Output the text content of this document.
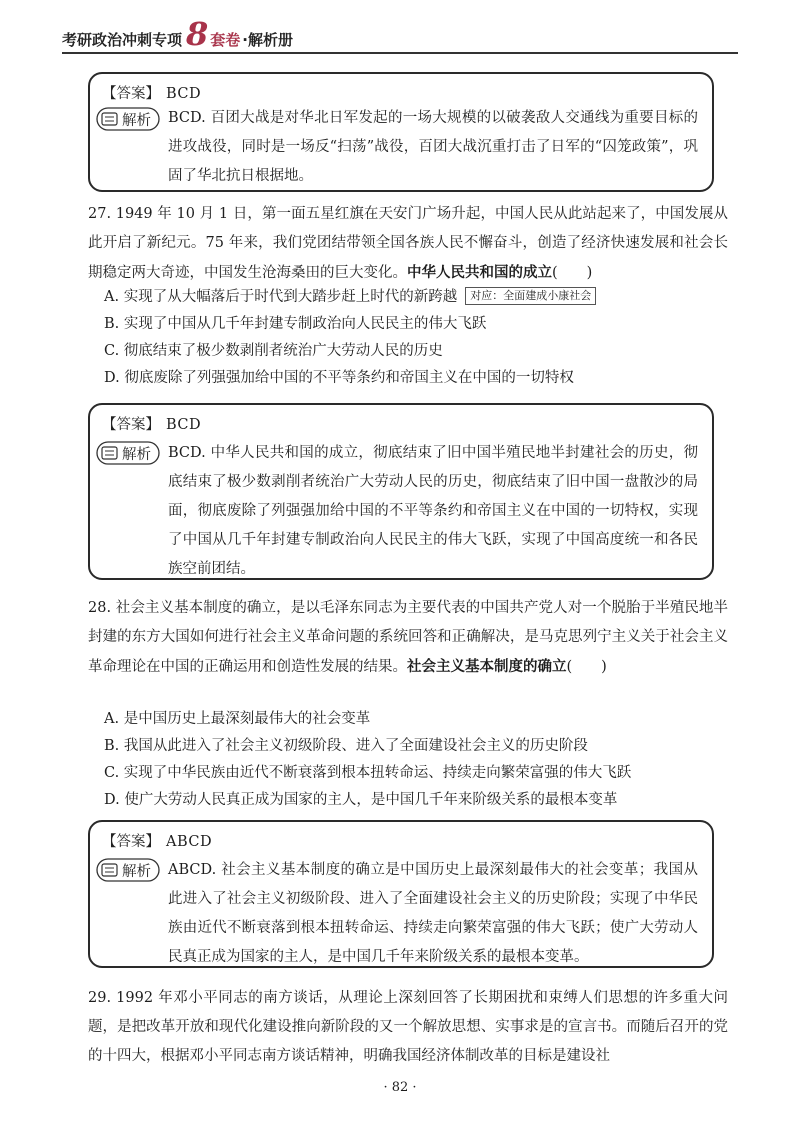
考研政治冲刺专项 8 套卷 ·解析册
【答案】 BCD
解析 BCD. 百团大战是对华北日军发起的一场大规模的以破袭敌人交通线为重要目标的进攻战役，同时是一场反“扫荡”战役，百团大战沉重打击了日军的“囚笼政策”，巩固了华北抗日根据地。
27. 1949 年 10 月 1 日，第一面五星红旗在天安门广场升起，中国人民从此站起来了，中国发展从此开启了新纪元。75 年来，我们党团结带领全国各族人民不懈奋斗，创造了经济快速发展和社会长期稳定两大奇迹，中国发生沧海桑田的巨大变化。中华人民共和国的成立(　　)
A. 实现了从大幅落后于时代到大踏步赶上时代的新跨越 对应：全面建成小康社会
B. 实现了中国从几千年封建专制政治向人民民主的伟大飞跃
C. 彻底结束了极少数剥削者统治广大劳动人民的历史
D. 彻底废除了列强强加给中国的不平等条约和帝国主义在中国的一切特权
【答案】 BCD
解析 BCD. 中华人民共和国的成立，彻底结束了旧中国半殖民地半封建社会的历史，彻底结束了极少数剥削者统治广大劳动人民的历史，彻底结束了旧中国一盘散沙的局面，彻底废除了列强强加给中国的不平等条约和帝国主义在中国的一切特权，实现了中国从几千年封建专制政治向人民民主的伟大飞跃，实现了中国高度统一和各民族空前团结。
28. 社会主义基本制度的确立，是以毛泽东同志为主要代表的中国共产党人对一个脱胎于半殖民地半封建的东方大国如何进行社会主义革命问题的系统回答和正确解决，是马克思列宁主义关于社会主义革命理论在中国的正确运用和创造性发展的结果。社会主义基本制度的确立(　　)
A. 是中国历史上最深刻最伟大的社会变革
B. 我国从此进入了社会主义初级阶段、进入了全面建设社会主义的历史阶段
C. 实现了中华民族由近代不断衰落到根本扭转命运、持续走向繁荣富强的伟大飞跃
D. 使广大劳动人民真正成为国家的主人，是中国几千年来阶级关系的最根本变革
【答案】 ABCD
解析 ABCD. 社会主义基本制度的确立是中国历史上最深刻最伟大的社会变革；我国从此进入了社会主义初级阶段、进入了全面建设社会主义的历史阶段；实现了中华民族由近代不断衰落到根本扭转命运、持续走向繁荣富强的伟大飞跃；使广大劳动人民真正成为国家的主人，是中国几千年来阶级关系的最根本变革。
29. 1992 年邓小平同志的南方谈话，从理论上深刻回答了长期困扰和束缚人们思想的许多重大问题，是把改革开放和现代化建设推向新阶段的又一个解放思想、实事求是的宣言书。而随后召开的党的十四大，根据邓小平同志南方谈话精神，明确我国经济体制改革的目标是建设社
· 82 ·
